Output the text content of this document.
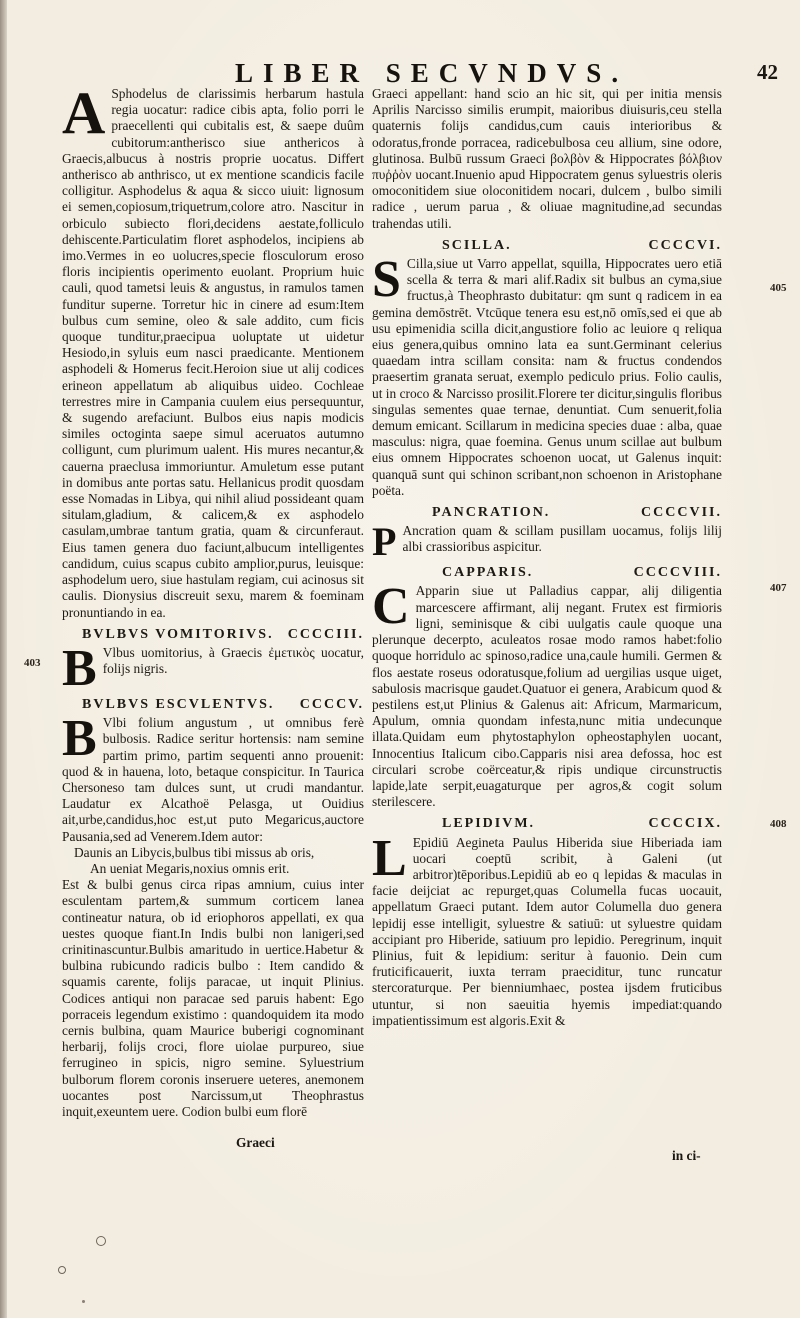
LIBER SECVNDVS.	42

A Sphodelus de clarissimis herbarum hastula regia uocatur: radice cibis apta, folio porri le praecellenti qui cubitalis est, & saepe duûm cubitorum:antherisco siue anthericos à Graecis,albucus à nostris proprie uocatus. Differt antherisco ab anthrisco, ut ex mentione scandicis facile colligitur. Asphodelus & aqua & sicco uiuit: lignosum ei semen,copiosum,triquetrum,colore atro. Nascitur in orbiculo subiecto flori,decidens aestate,folliculo dehiscente.Particulatim floret asphodelos, incipiens ab imo.Vermes in eo uolucres,specie flosculorum eroso floris incipientis operimento euolant. Proprium huic cauli, quod tametsi leuis & angustus, in ramulos tamen funditur superne. Torretur hic in cinere ad esum:Item bulbus cum semine, oleo & sale addito, cum ficis quoque tunditur,praecipua uoluptate ut uidetur Hesiodo,in syluis eum nasci praedicante. Mentionem asphodeli & Homerus fecit.Heroion siue ut alij codices erineon appellatum ab aliquibus uideo. Cochleae terrestres mire in Campania cuulem eius persequuntur, & sugendo arefaciunt. Bulbos eius napis modicis similes octoginta saepe simul aceruatos autumno colligunt, cum plurimum ualent. His mures necantur,& cauerna praeclusa immoriuntur. Amuletum esse putant in domibus ante portas satu. Hellanicus prodit quosdam esse Nomadas in Libya, qui nihil aliud possideant quam situlam,gladium, & calicem,& ex asphodelo casulam,umbrae tantum gratia, quam & circunferaut. Eius tamen genera duo faciunt,albucum intelligentes candidum, cuius scapus cubito amplior,purus, leuisque: asphodelum uero, siue hastulam regiam, cui acinosus sit caulis. Dionysius discreuit sexu, marem & foeminam pronuntiando in ea.

BVLBVS VOMITORIVS. CCCCIII.

B Vlbus uomitorius, à Graecis ἐμετικὸς uocatur, folijs nigris.

BVLBVS ESCVLENTVS. CCCCV.

B Vlbi folium angustum , ut omnibus ferè bulbosis. Radice seritur hortensis: nam semine partim primo, partim sequenti anno prouenit: quod & in hauena, loto, betaque conspicitur. In Taurica Chersoneso tam dulces sunt, ut crudi mandantur. Laudatur ex Alcathoë Pelasga, ut Ouidius ait,urbe,candidus,hoc est,ut puto Megaricus,auctore Pausania,sed ad Venerem.Idem autor:

Daunis an Libycis,bulbus tibi missus ab oris,

An ueniat Megaris,noxius omnis erit.

Est & bulbi genus circa ripas amnium, cuius inter esculentam partem,& summum corticem lanea contineatur natura, ob id eriophoros appellati, ex qua uestes quoque fiant.In Indis bulbi non lanigeri,sed crinitinascuntur.Bulbis amaritudo in uertice.Habetur & bulbina rubicundo radicis bulbo : Item candido & squamis carente, folijs paracae, ut inquit Plinius. Codices antiqui non paracae sed paruis habent: Ego porraceis legendum existimo : quandoquidem ita modo cernis bulbina, quam Maurice buberigi cognominant herbarij, folijs croci, flore uiolae purpureo, siue ferrugineo in spicis, nigro semine. Syluestrium bulborum florem coronis inseruere ueteres, anemonem uocantes post Narcissum,ut Theophrastus inquit,exeuntem uere. Codion bulbi eum florē

Graeci

Graeci appellant: hand scio an hic sit, qui per initia mensis Aprilis Narcisso similis erumpit, maioribus diuisuris,ceu stella quaternis folijs candidus,cum cauis interioribus & odoratus,fronde porracea, radicebulbosa ceu allium, sine odore, glutinosa. Bulbū russum Graeci βολβὸν & Hippocrates βόλβιον πυῤῥὸν uocant.Inuenio apud Hippocratem genus syluestris oleris omoconitidem siue oloconitidem nocari, dulcem , bulbo simili radice , uerum parua , & oliuae magnitudine,ad secundas trahendas utili.

SCILLA.	CCCCVI.

S Cilla,siue ut Varro appellat, squilla, Hippocrates uero etiā scella & terra & mari alif.Radix sit bulbus an cyma,siue fructus,à Theophrasto dubitatur: qm sunt q radicem in ea gemina demōstrēt. Vtcūque tenera esu est,nō omīs,sed ei que ab usu epimenidia scilla dicit,angustiore folio ac leuiore q reliqua eius genera,quibus omnino lata ea sunt.Germinant celerius quaedam intra scillam consita: nam & fructus condendos praesertim granata seruat, exemplo pediculo prius. Folio caulis, ut in croco & Narcisso prosilit.Florere ter dicitur,singulis floribus singulas sementes quae ternae, denuntiat. Cum senuerit,folia demum emicant. Scillarum in medicina species duae : alba, quae masculus: nigra, quae foemina. Genus unum scillae aut bulbum eius omnem Hippocrates schoenon uocat, ut Galenus inquit: quanquā sunt qui schinon scribant,non schoenon in Aristophane poëta.

PANCRATION.	CCCCVII.

P Ancration quam & scillam pusillam uocamus, folijs lilij albi crassioribus aspicitur.

CAPPARIS.	CCCCVIII.

C Apparin siue ut Palladius cappar, alij diligentia marcescere affirmant, alij negant. Frutex est firmioris ligni, seminisque & cibi uulgatis caule quoque una plerunque decerpto, aculeatos rosae modo ramos habet:folio quoque horridulo ac spinoso,radice una,caule humili. Germen & flos aestate roseus odoratusque,folium ad uergilias usque uiget, sabulosis macrisque gaudet.Quatuor ei genera, Arabicum quod & pestilens est,ut Plinius & Galenus ait: Africum, Marmaricum, Apulum, omnia quondam infesta,nunc mitia undecunque illata.Quidam eum phytostaphylon opheostaphylen uocant, Innocentius Italicum cibo.Capparis nisi area defossa, hoc est circulari scrobe coërceatur,& ripis undique circunstructis lapide,late serpit,euagaturque per agros,& cogit solum sterilescere.

LEPIDIVM.	CCCCIX.

L Epidiū Aegineta Paulus Hiberida siue Hiberiada iam uocari coeptū scribit, à Galeni (ut arbitror)tēporibus.Lepidiū ab eo q lepidas & maculas in facie deijciat ac repurget,quas Columella fucas uocauit, appellatum Graeci putant. Idem autor Columella duo genera lepidij esse intelligit, syluestre & satiuū: ut syluestre quidam accipiant pro Hiberide, satiuum pro lepidio. Peregrinum, inquit Plinius, fuit & lepidium: seritur à fauonio. Dein cum fruticificauerit, iuxta terram praeciditur, tunc runcatur stercoraturque. Per bienniumhaec, postea ijsdem fruticibus utuntur, si non saeuitia hyemis impediat:quando impatientissimum est algoris.Exit &

in ci-
403
405
407
408
